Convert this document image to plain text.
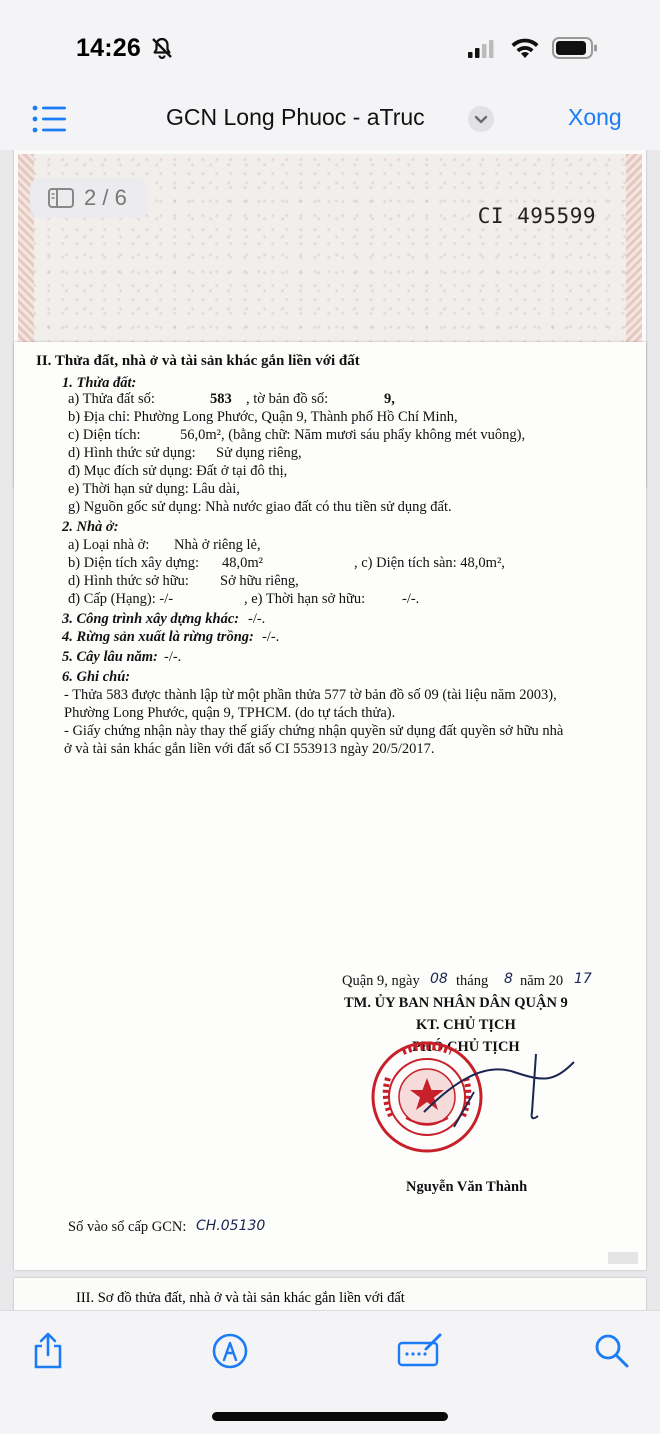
14:26
GCN Long Phuoc - aTruc	Xong
CI 495599
2 / 6
II. Thửa đất, nhà ở và tài sản khác gắn liền với đất
1. Thửa đất:
a) Thửa đất số:	583 , tờ bản đồ số:	9,
b) Địa chỉ: Phường Long Phước, Quận 9, Thành phố Hồ Chí Minh,
c) Diện tích:	56,0m², (bằng chữ: Năm mươi sáu phẩy không mét vuông),
d) Hình thức sử dụng: Sử dụng riêng,
đ) Mục đích sử dụng: Đất ở tại đô thị,
e) Thời hạn sử dụng: Lâu dài,
g) Nguồn gốc sử dụng: Nhà nước giao đất có thu tiền sử dụng đất.
2. Nhà ở:
a) Loại nhà ở: Nhà ở riêng lẻ,
b) Diện tích xây dựng: 48,0m²	, c) Diện tích sàn: 48,0m²,
d) Hình thức sở hữu: Sở hữu riêng,
đ) Cấp (Hạng): -/-	, e) Thời hạn sở hữu:	-/-.
3. Công trình xây dựng khác: -/-.
4. Rừng sản xuất là rừng trồng: -/-.
5. Cây lâu năm: -/-.
6. Ghi chú:
- Thửa 583 được thành lập từ một phần thửa 577 tờ bản đồ số 09 (tài liệu năm 2003),
Phường Long Phước, quận 9, TPHCM. (do tự tách thửa).
- Giấy chứng nhận này thay thế giấy chứng nhận quyền sử dụng đất quyền sở hữu nhà
ở và tài sản khác gắn liền với đất số CI 553913 ngày 20/5/2017.
Quận 9, ngày 08 tháng 8 năm 20 17
TM. ỦY BAN NHÂN DÂN QUẬN 9
KT. CHỦ TỊCH
PHÓ CHỦ TỊCH
Nguyễn Văn Thành
Số vào sổ cấp GCN: CH.05130
III. Sơ đồ thửa đất, nhà ở và tài sản khác gắn liền với đất
